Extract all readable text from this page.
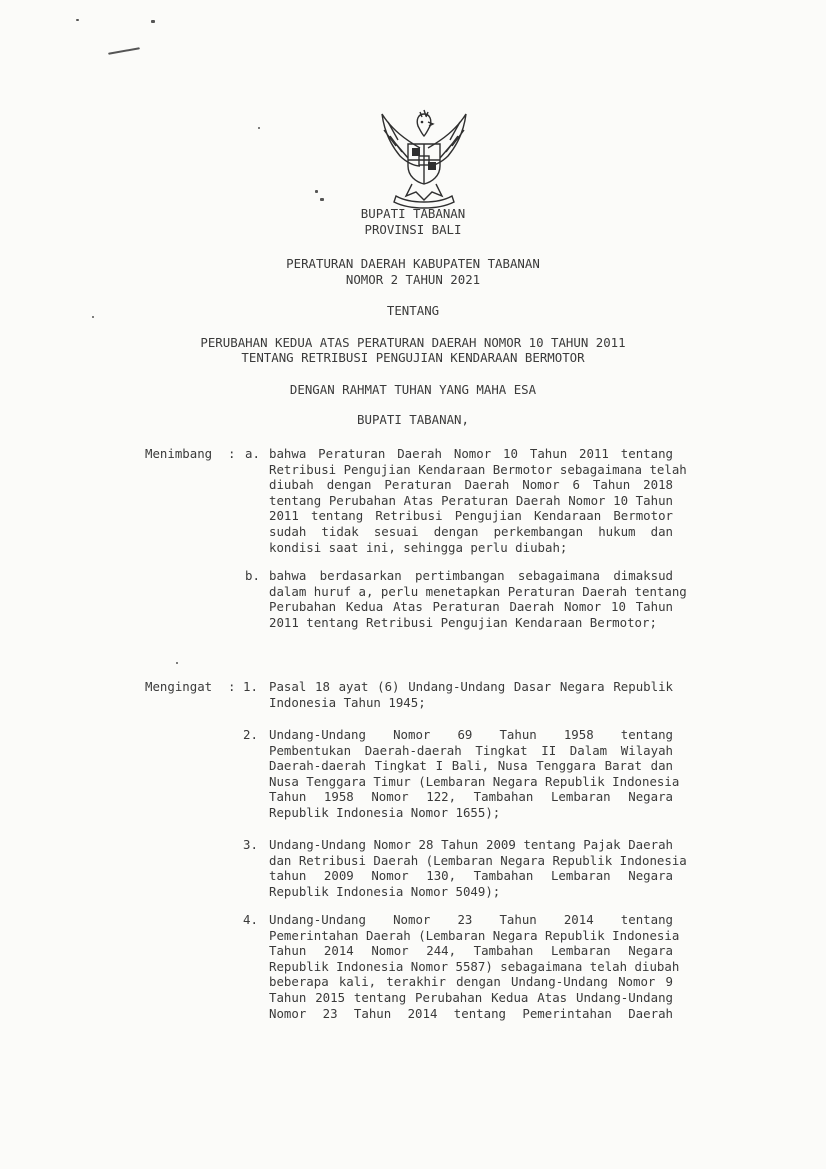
BUPATI TABANAN
PROVINSI BALI
PERATURAN DAERAH KABUPATEN TABANAN
NOMOR 2 TAHUN 2021
TENTANG
PERUBAHAN KEDUA ATAS PERATURAN DAERAH NOMOR 10 TAHUN 2011
TENTANG RETRIBUSI PENGUJIAN KENDARAAN BERMOTOR
DENGAN RAHMAT TUHAN YANG MAHA ESA
BUPATI TABANAN,
Menimbang : a. bahwa Peraturan Daerah Nomor 10 Tahun 2011 tentang
Retribusi Pengujian Kendaraan Bermotor sebagaimana telah
diubah dengan Peraturan Daerah Nomor 6 Tahun 2018
tentang Perubahan Atas Peraturan Daerah Nomor 10 Tahun
2011 tentang Retribusi Pengujian Kendaraan Bermotor
sudah tidak sesuai dengan perkembangan hukum dan
kondisi saat ini, sehingga perlu diubah;
b. bahwa berdasarkan pertimbangan sebagaimana dimaksud
dalam huruf a, perlu menetapkan Peraturan Daerah tentang
Perubahan Kedua Atas Peraturan Daerah Nomor 10 Tahun
2011 tentang Retribusi Pengujian Kendaraan Bermotor;
Mengingat : 1. Pasal 18 ayat (6) Undang-Undang Dasar Negara Republik
Indonesia Tahun 1945;
2. Undang-Undang Nomor 69 Tahun 1958 tentang
Pembentukan Daerah-daerah Tingkat II Dalam Wilayah
Daerah-daerah Tingkat I Bali, Nusa Tenggara Barat dan
Nusa Tenggara Timur (Lembaran Negara Republik Indonesia
Tahun 1958 Nomor 122, Tambahan Lembaran Negara
Republik Indonesia Nomor 1655);
3. Undang-Undang Nomor 28 Tahun 2009 tentang Pajak Daerah
dan Retribusi Daerah (Lembaran Negara Republik Indonesia
tahun 2009 Nomor 130, Tambahan Lembaran Negara
Republik Indonesia Nomor 5049);
4. Undang-Undang Nomor 23 Tahun 2014 tentang
Pemerintahan Daerah (Lembaran Negara Republik Indonesia
Tahun 2014 Nomor 244, Tambahan Lembaran Negara
Republik Indonesia Nomor 5587) sebagaimana telah diubah
beberapa kali, terakhir dengan Undang-Undang Nomor 9
Tahun 2015 tentang Perubahan Kedua Atas Undang-Undang
Nomor 23 Tahun 2014 tentang Pemerintahan Daerah
